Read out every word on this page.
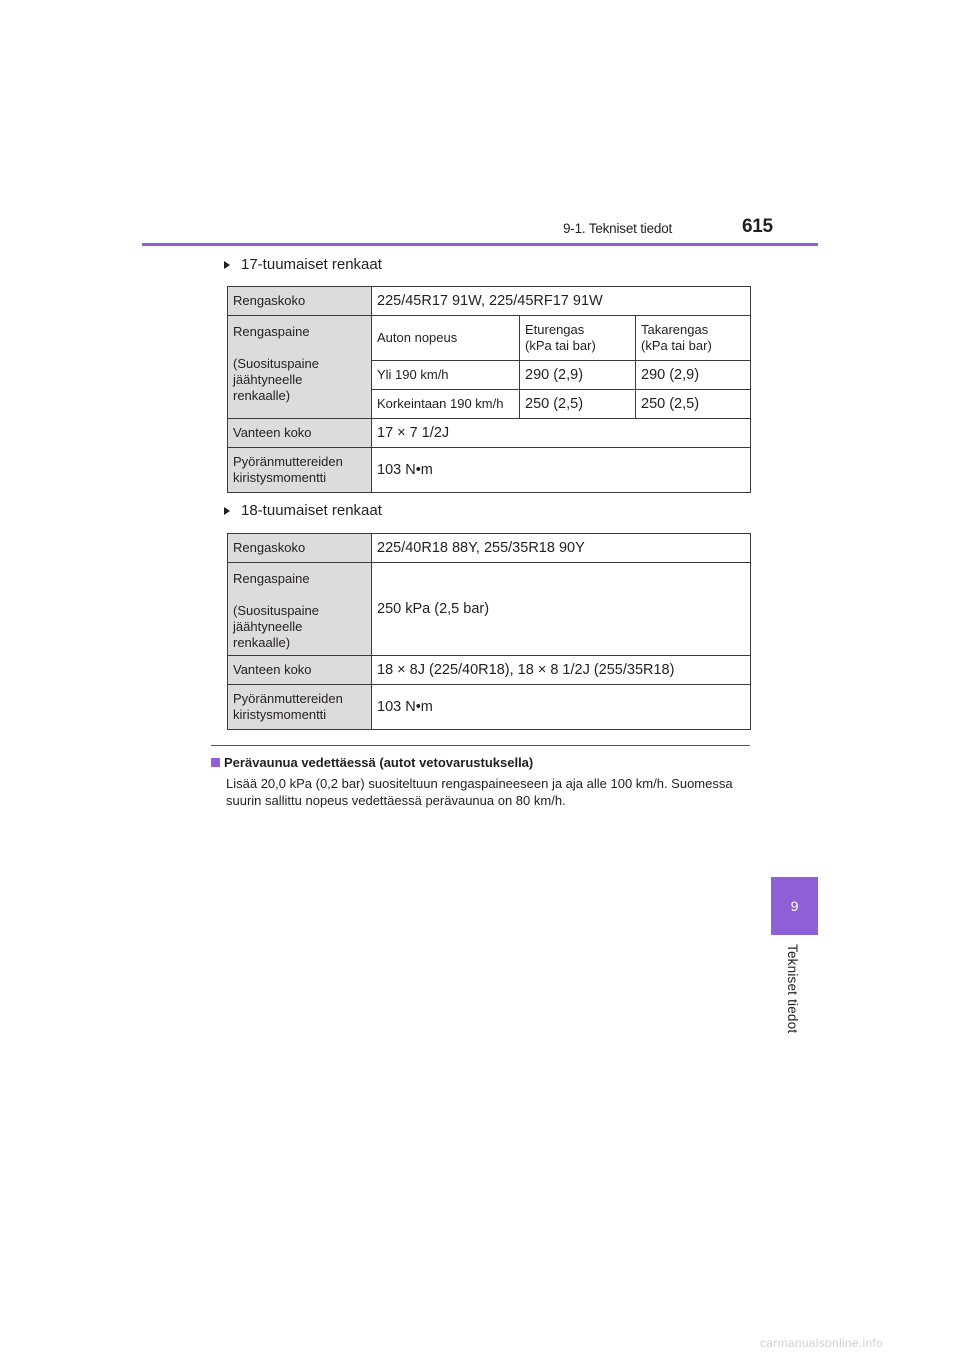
9-1. Tekniset tiedot	615
9
Tekniset tiedot
17-tuumaiset renkaat
Rengaskoko	225/45R17 91W, 225/45RF17 91W		

Rengaspaine
(Suosituspaine
jäähtyneelle
renkaalle)	Auton nopeus	Eturengas
(kPa tai bar)	Takarengas
(kPa tai bar)

	Yli 190 km/h	290 (2,9)	290 (2,9)
	Korkeintaan 190 km/h	250 (2,5)	250 (2,5)
Vanteen koko	17 × 7 1/2J		

Pyöränmuttereiden
kiristysmomentti	103 N•m		
18-tuumaiset renkaat
Rengaskoko	225/40R18 88Y, 255/35R18 90Y

Rengaspaine
(Suosituspaine
jäähtyneelle
renkaalle)	250 kPa (2,5 bar)
Vanteen koko	18 × 8J (225/40R18), 18 × 8 1/2J (255/35R18)

Pyöränmuttereiden
kiristysmomentti	103 N•m
Perävaunua vedettäessä (autot vetovarustuksella)
Lisää 20,0 kPa (0,2 bar) suositeltuun rengaspaineeseen ja aja alle 100 km/h. Suomessa suurin sallittu nopeus vedettäessä perävaunua on 80 km/h.
carmanualsonline.info
